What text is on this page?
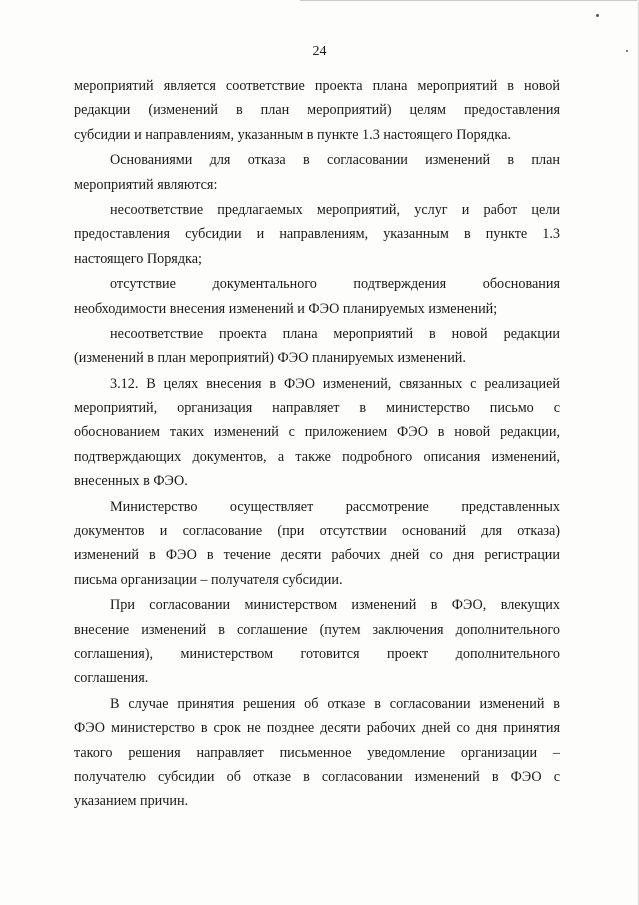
24
мероприятий является соответствие проекта плана мероприятий в новой
редакции (изменений в план мероприятий) целям предоставления
субсидии и направлениям, указанным в пункте 1.3 настоящего Порядка.
Основаниями для отказа в согласовании изменений в план
мероприятий являются:
несоответствие предлагаемых мероприятий, услуг и работ цели
предоставления субсидии и направлениям, указанным в пункте 1.3
настоящего Порядка;
отсутствие документального подтверждения обоснования
необходимости внесения изменений и ФЭО планируемых изменений;
несоответствие проекта плана мероприятий в новой редакции
(изменений в план мероприятий) ФЭО планируемых изменений.
3.12. В целях внесения в ФЭО изменений, связанных с реализацией
мероприятий, организация направляет в министерство письмо с
обоснованием таких изменений с приложением ФЭО в новой редакции,
подтверждающих документов, а также подробного описания изменений,
внесенных в ФЭО.
Министерство осуществляет рассмотрение представленных
документов и согласование (при отсутствии оснований для отказа)
изменений в ФЭО в течение десяти рабочих дней со дня регистрации
письма организации – получателя субсидии.
При согласовании министерством изменений в ФЭО, влекущих
внесение изменений в соглашение (путем заключения дополнительного
соглашения), министерством готовится проект дополнительного
соглашения.
В случае принятия решения об отказе в согласовании изменений в
ФЭО министерство в срок не позднее десяти рабочих дней со дня принятия
такого решения направляет письменное уведомление организации –
получателю субсидии об отказе в согласовании изменений в ФЭО с
указанием причин.
